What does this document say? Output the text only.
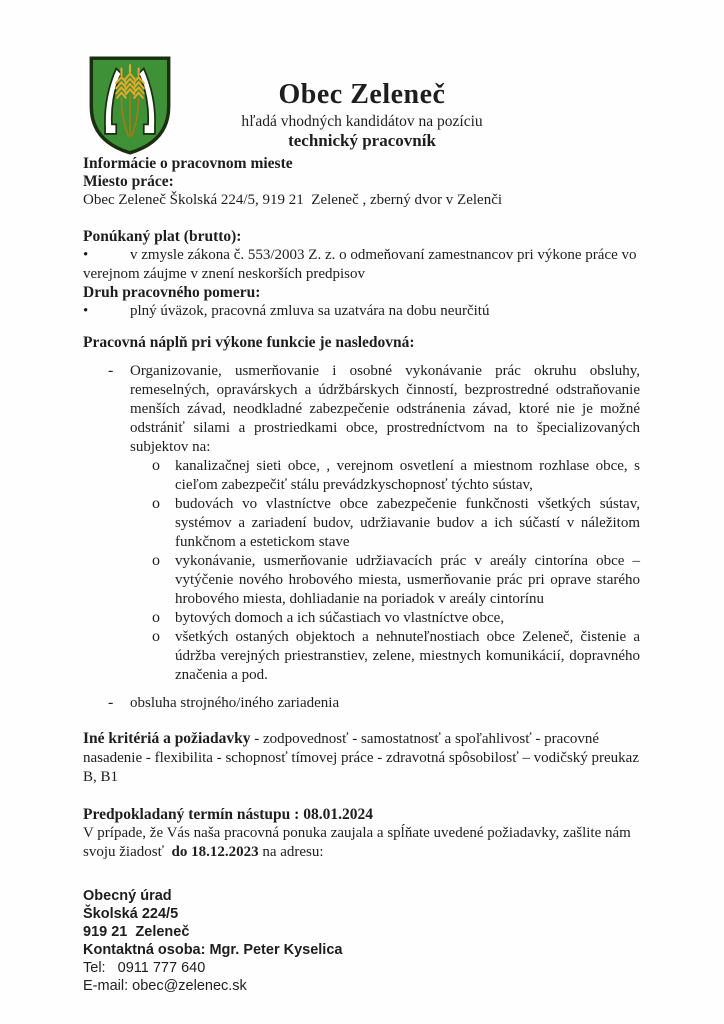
Obec Zeleneč
hľadá vhodných kandidátov na pozíciu
technický pracovník
Informácie o pracovnom mieste
Miesto práce:

Obec Zeleneč Školská 224/5, 919 21  Zeleneč , zberný dvor v Zelenči

Ponúkaný plat (brutto):

•	v zmysle zákona č. 553/2003 Z. z. o odmeňovaní zamestnancov pri výkone práce vo verejnom záujme v znení neskorších predpisov

Druh pracovného pomeru:

•	plný úväzok, pracovná zmluva sa uzatvára na dobu neurčitú

Pracovná náplň pri výkone funkcie je nasledovná:
-	Organizovanie, usmerňovanie i osobné vykonávanie prác okruhu obsluhy, remeselných, opravárskych a údržbárskych činností, bezprostredné odstraňovanie menších závad, neodkladné zabezpečenie odstránenia závad, ktoré nie je možné odstrániť silami a prostriedkami obce, prostredníctvom na to špecializovaných subjektov na:

o	kanalizačnej sieti obce, , verejnom osvetlení a miestnom rozhlase obce, s cieľom zabezpečiť stálu prevádzkyschopnosť týchto sústav,

o	budovách vo vlastníctve obce zabezpečenie funkčnosti všetkých sústav, systémov a zariadení budov, udržiavanie budov a ich súčastí v náležitom funkčnom a estetickom stave

o	vykonávanie, usmerňovanie udržiavacích prác v areály cintorína obce – vytýčenie nového hrobového miesta, usmerňovanie prác pri oprave starého hrobového miesta, dohliadanie na poriadok v areály cintorínu

o	bytových domoch a ich súčastiach vo vlastníctve obce,

o	všetkých ostaných objektoch a nehnuteľnostiach obce Zeleneč, čistenie a údržba verejných priestranstiev, zelene, miestnych komunikácií, dopravného značenia a pod.

-	obsluha strojného/iného zariadenia

Iné kritériá a požiadavky - zodpovednosť - samostatnosť a spoľahlivosť - pracovné nasadenie - flexibilita - schopnosť tímovej práce - zdravotná spôsobilosť – vodičský preukaz B, B1

Predpokladaný termín nástupu : 08.01.2024

V prípade, že Vás naša pracovná ponuka zaujala a spĺňate uvedené požiadavky, zašlite nám svoju žiadosť  do 18.12.2023 na adresu:

Obecný úrad
Školská 224/5
919 21  Zeleneč
Kontaktná osoba: Mgr. Peter Kyselica
Tel:   0911 777 640
E-mail: obec@zelenec.sk
